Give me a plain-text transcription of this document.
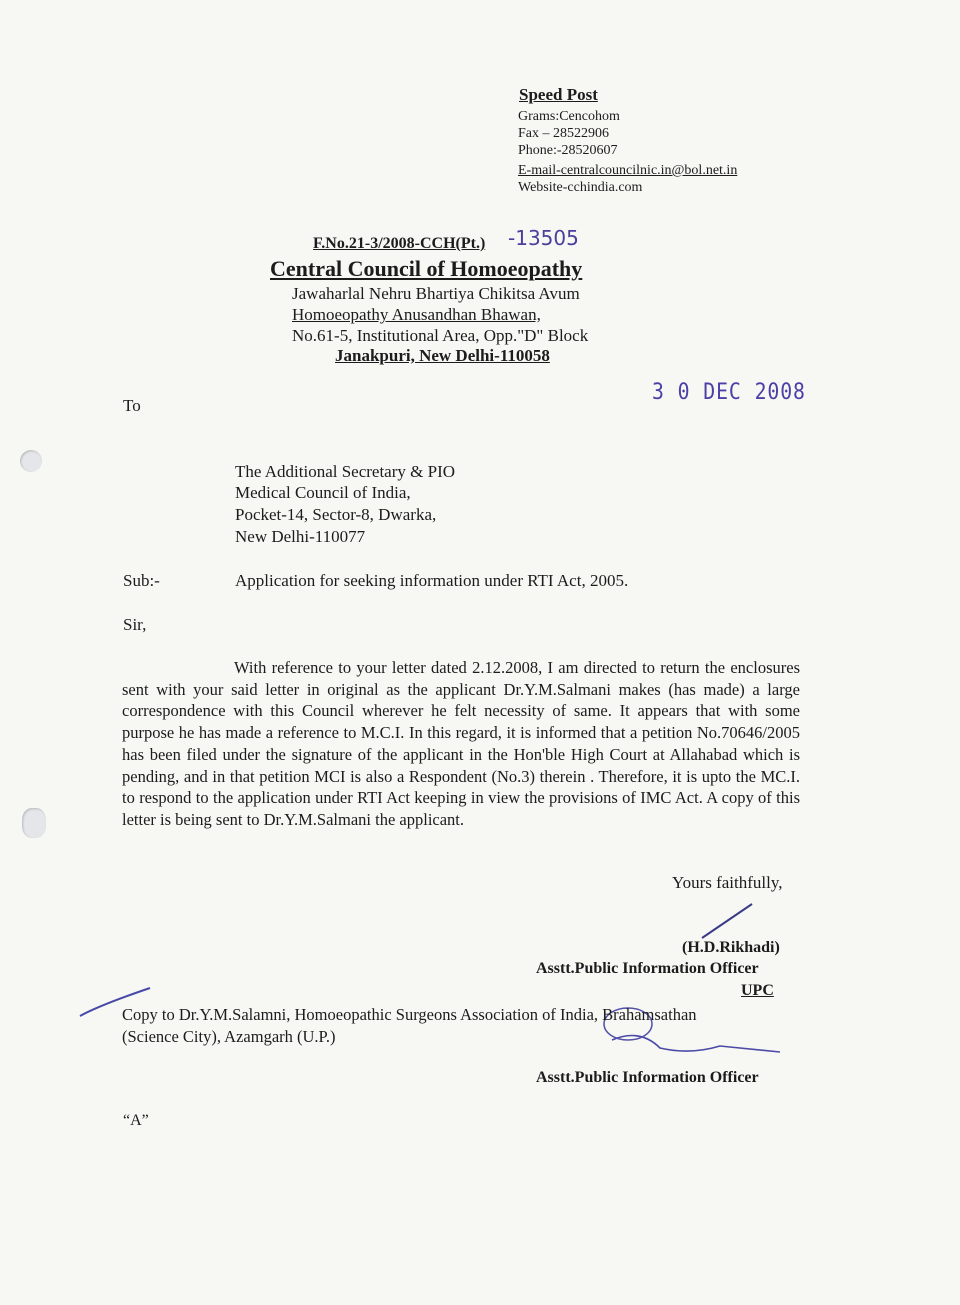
Speed Post
Grams:Cencohom
Fax – 28522906
Phone:-28520607
E-mail-centralcouncilnic.in@bol.net.in
Website-cchindia.com
F.No.21-3/2008-CCH(Pt.) -13505
Central Council of Homoeopathy
Jawaharlal Nehru Bhartiya Chikitsa Avum
Homoeopathy Anusandhan Bhawan,
No.61-5, Institutional Area, Opp."D" Block
Janakpuri, New Delhi-110058
3 0 DEC 2008
To
The Additional Secretary & PIO
Medical Council of India,
Pocket-14, Sector-8, Dwarka,
New Delhi-110077
Sub:-	Application for seeking information under RTI Act, 2005.
Sir,

With reference to your letter dated 2.12.2008, I am directed to return the enclosures sent with your said letter in original as the applicant Dr.Y.M.Salmani makes (has made) a large correspondence with this Council wherever he felt necessity of same. It appears that with some purpose he has made a reference to M.C.I. In this regard, it is informed that a petition No.70646/2005 has been filed under the signature of the applicant in the Hon'ble High Court at Allahabad which is pending, and in that petition MCI is also a Respondent (No.3) therein . Therefore, it is upto the MC.I. to respond to the application under RTI Act keeping in view the provisions of IMC Act. A copy of this letter is being sent to Dr.Y.M.Salmani the applicant.

Yours faithfully,
(H.D.Rikhadi)
Asstt.Public Information Officer
UPC
Copy to Dr.Y.M.Salamni, Homoeopathic Surgeons Association of India, Brahamsathan
(Science City), Azamgarh (U.P.)
Asstt.Public Information Officer
“A”
